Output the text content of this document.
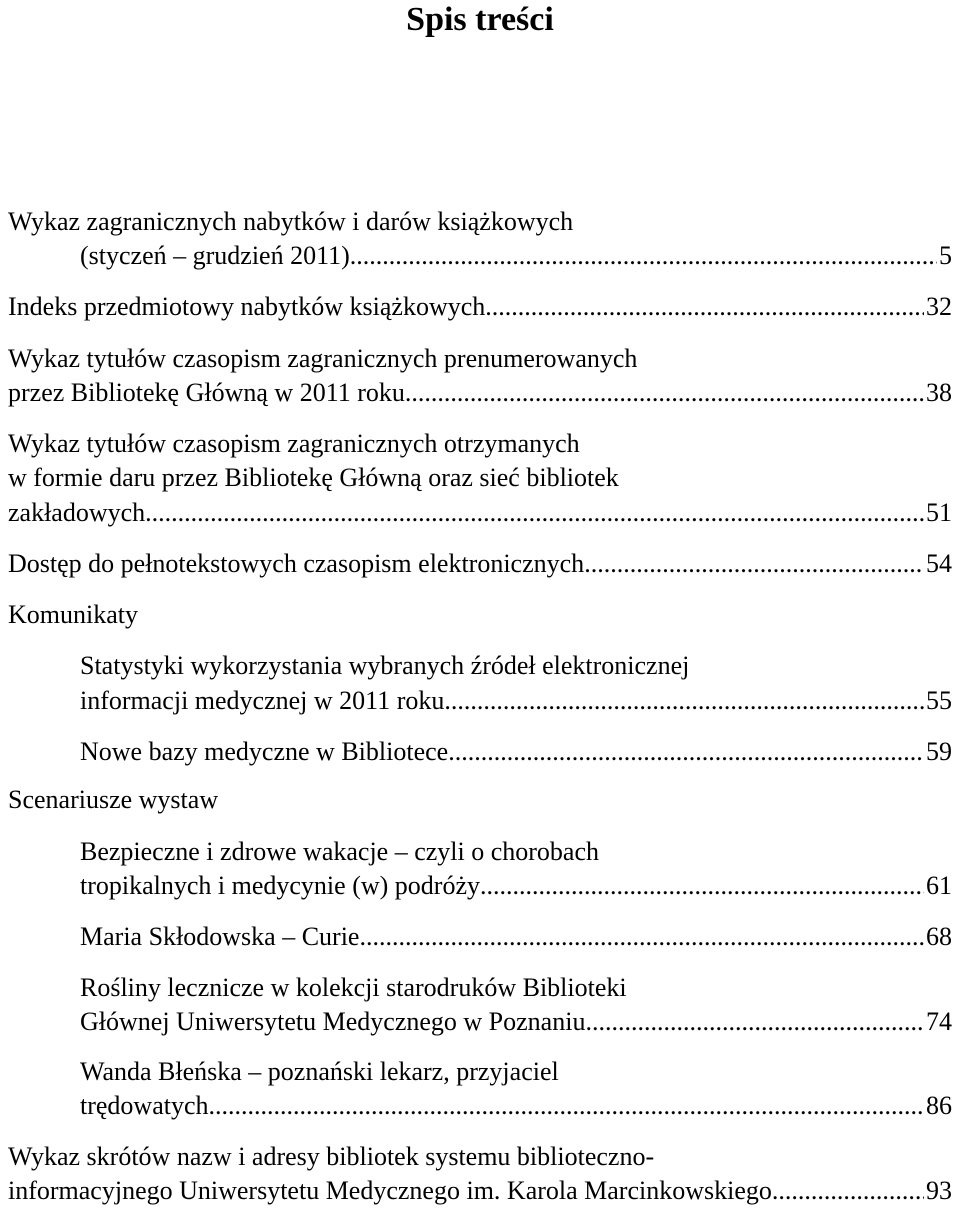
Spis treści
Wykaz zagranicznych nabytków i darów książkowych
(styczeń – grudzień 2011) .....	5
Indeks przedmiotowy nabytków książkowych .....	32
Wykaz tytułów czasopism zagranicznych prenumerowanych
przez Bibliotekę Główną w 2011 roku .....	38
Wykaz tytułów czasopism zagranicznych otrzymanych
w formie daru przez Bibliotekę Główną oraz sieć bibliotek
zakładowych .....	51
Dostęp do pełnotekstowych czasopism elektronicznych .....	54
Komunikaty
Statystyki wykorzystania wybranych źródeł elektronicznej
informacji medycznej w 2011 roku .....	55
Nowe bazy medyczne w Bibliotece .....	59
Scenariusze wystaw
Bezpieczne i zdrowe wakacje – czyli o chorobach
tropikalnych i medycynie (w) podróży .....	61
Maria Skłodowska – Curie .....	68
Rośliny lecznicze w kolekcji starodruków Biblioteki
Głównej Uniwersytetu Medycznego w Poznaniu .....	74
Wanda Błeńska – poznański lekarz, przyjaciel
trędowatych .....	86
Wykaz skrótów nazw i adresy bibliotek systemu biblioteczno-
informacyjnego Uniwersytetu Medycznego im. Karola Marcinkowskiego .....	93
